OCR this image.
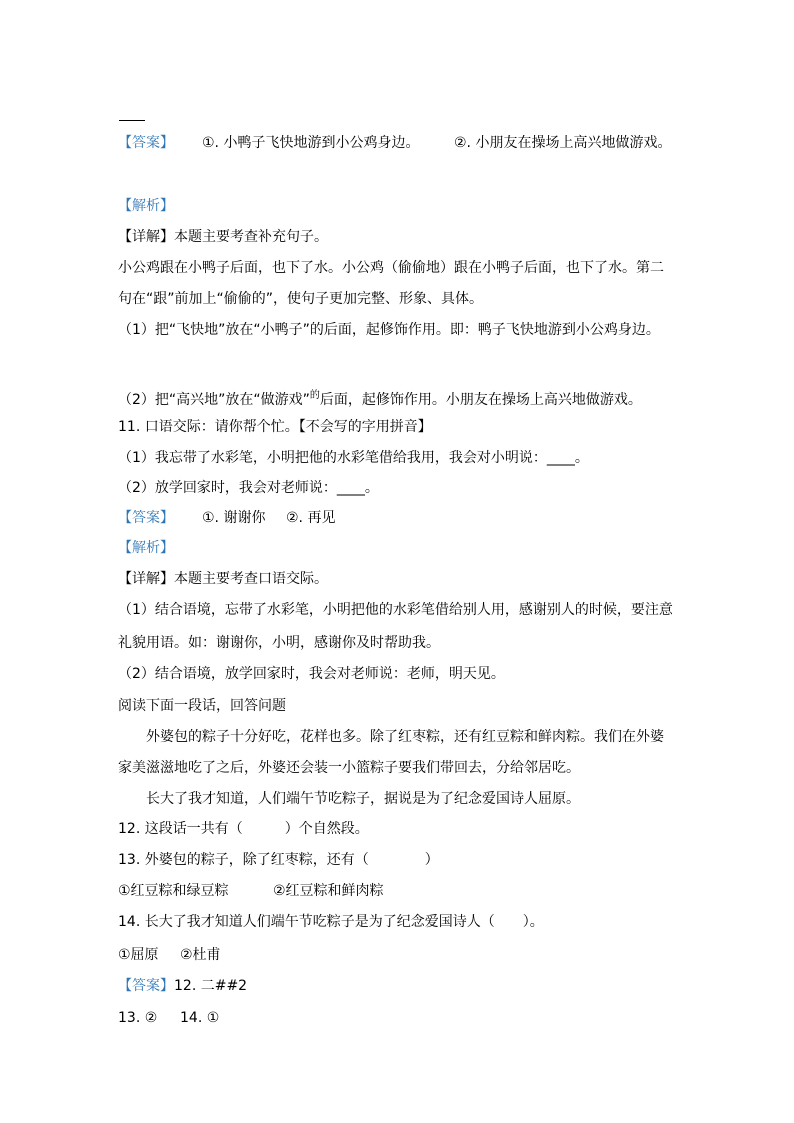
【答案】 ①. 小鸭子飞快地游到小公鸡身边。 ②. 小朋友在操场上高兴地做游戏。
【解析】
【详解】本题主要考查补充句子。
小公鸡跟在小鸭子后面，也下了水。小公鸡（偷偷地）跟在小鸭子后面，也下了水。第二
句在“跟”前加上“偷偷的”，使句子更加完整、形象、具体。
（1）把“飞快地”放在“小鸭子”的后面，起修饰作用。即：鸭子飞快地游到小公鸡身边。
（2）把“高兴地”放在“做游戏”$^的$后面，起修饰作用。小朋友在操场上高兴地做游戏。
11. 口语交际：请你帮个忙。【不会写的字用拼音】
（1）我忘带了水彩笔，小明把他的水彩笔借给我用，我会对小明说：____。
（2）放学回家时，我会对老师说：____。
【答案】 ①. 谢谢你 ②. 再见
【解析】
【详解】本题主要考查口语交际。
（1）结合语境，忘带了水彩笔，小明把他的水彩笔借给别人用，感谢别人的时候，要注意
礼貌用语。如：谢谢你，小明，感谢你及时帮助我。
（2）结合语境，放学回家时，我会对老师说：老师，明天见。
阅读下面一段话，回答问题
外婆包的粽子十分好吃，花样也多。除了红枣粽，还有红豆粽和鲜肉粽。我们在外婆
家美滋滋地吃了之后，外婆还会装一小篮粽子要我们带回去，分给邻居吃。
长大了我才知道，人们端午节吃粽子，据说是为了纪念爱国诗人屈原。
12. 这段话一共有（　　　）个自然段。
13. 外婆包的粽子，除了红枣粽，还有（　　　　）
①红豆粽和绿豆粽	②红豆粽和鲜肉粽
14. 长大了我才知道人们端午节吃粽子是为了纪念爱国诗人（　　）。
①屈原 ②杜甫
【答案】12. 二##2
13. ② 14. ①
